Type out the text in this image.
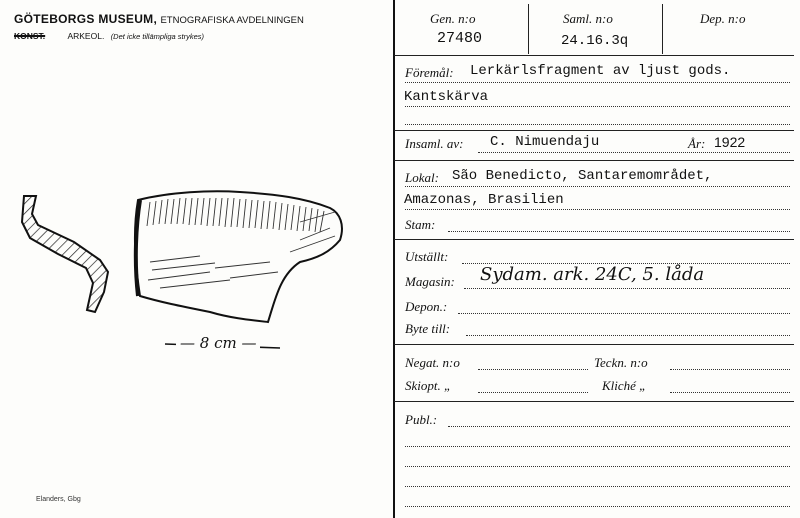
GÖTEBORGS MUSEUM, ETNOGRAFISKA AVDELNINGEN
KONST.	ARKEOL. (Det icke tillämpliga strykes)
— 8 cm —
Elanders, Gbg
Gen. n:o
27480
Saml. n:o
24.16.3q
Dep. n:o
Föremål: Lerkärlsfragment av ljust gods.
Kantskärva
Insaml. av: C. Nimuendaju	År: 1922
Lokal: São Benedicto, Santaremområdet,
Amazonas, Brasilien
Stam:
Utställt:
Magasin: Sydam. ark. 24C, 5. låda
Depon.:
Byte till:
Negat. n:o	Teckn. n:o
Skiopt. „	Kliché „
Publ.:
